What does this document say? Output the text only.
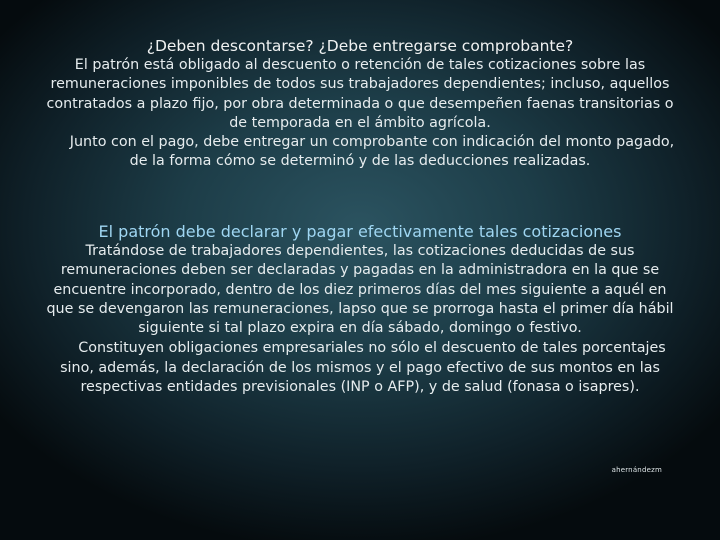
¿Deben descontarse? ¿Debe entregarse comprobante?

El patrón está obligado al descuento o retención de tales cotizaciones sobre las remuneraciones imponibles de todos sus trabajadores dependientes; incluso, aquellos contratados a plazo fijo, por obra determinada o que desempeñen faenas transitorias o de temporada en el ámbito agrícola.

Junto con el pago, debe entregar un comprobante con indicación del monto pagado, de la forma cómo se determinó y de las deducciones realizadas.

El patrón debe declarar y pagar efectivamente tales cotizaciones

Tratándose de trabajadores dependientes, las cotizaciones deducidas de sus remuneraciones deben ser declaradas y pagadas en la administradora en la que se encuentre incorporado, dentro de los diez primeros días del mes siguiente a aquél en que se devengaron las remuneraciones, lapso que se prorroga hasta el primer día hábil siguiente si tal plazo expira en día sábado, domingo o festivo.

Constituyen obligaciones empresariales no sólo el descuento de tales porcentajes sino, además, la declaración de los mismos y el pago efectivo de sus montos en las respectivas entidades previsionales (INP o AFP), y de salud (fonasa o isapres).

ahernándezm
